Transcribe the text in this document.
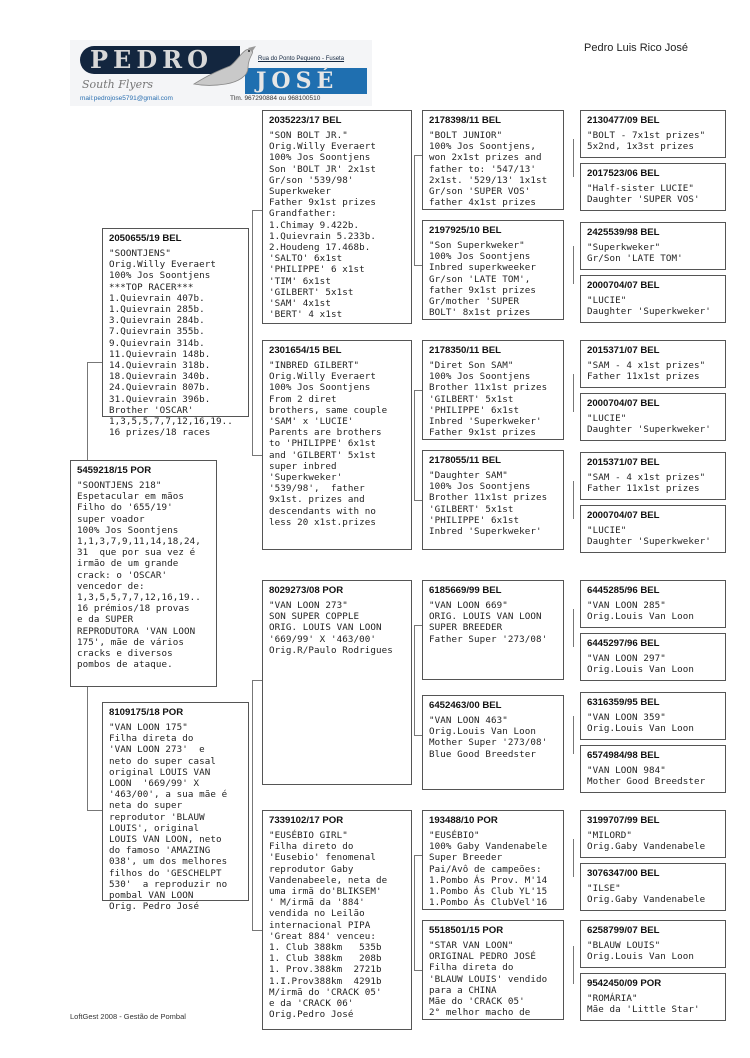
PEDRO
JOSÉ
Rua do Ponto Pequeno - Fuseta
South Flyers
mail:pedrojose5791@gmail.com	Tlm. 967290884 ou 968100510
Pedro Luis Rico José
5459218/15 POR
"SOONTJENS 218"
Espetacular em mãos
Filho do '655/19'
super voador
100% Jos Soontjens
1,1,3,7,9,11,14,18,24,
31  que por sua vez é
irmão de um grande
crack: o 'OSCAR'
vencedor de:
1,3,5,5,7,7,12,16,19..
16 prémios/18 provas
e da SUPER
REPRODUTORA 'VAN LOON
175', mãe de vários
cracks e diversos
pombos de ataque.
2050655/19 BEL
"SOONTJENS"
Orig.Willy Everaert
100% Jos Soontjens
***TOP RACER***
1.Quievrain 407b.
1.Quievrain 285b.
3.Quievrain 284b.
7.Quievrain 355b.
9.Quievrain 314b.
11.Quievrain 148b.
14.Quievrain 318b.
18.Quievrain 340b.
24.Quievrain 807b.
31.Quievrain 396b.
Brother 'OSCAR'
1,3,5,5,7,7,12,16,19..
16 prizes/18 races
8109175/18 POR
"VAN LOON 175"
Filha direta do
'VAN LOON 273'  e
neto do super casal
original LOUIS VAN
LOON  '669/99' X
'463/00', a sua mãe é
neta do super
reprodutor 'BLAUW
LOUIS', original
LOUIS VAN LOON, neto
do famoso 'AMAZING
038', um dos melhores
filhos do 'GESCHELPT
530'  a reproduzir no
pombal VAN LOON
Orig. Pedro José
2035223/17 BEL
"SON BOLT JR."
Orig.Willy Everaert
100% Jos Soontjens
Son 'BOLT JR' 2x1st
Gr/son '539/98'
Superkweker
Father 9x1st prizes
Grandfather:
1.Chimay 9.422b.
1.Quievrain 5.233b.
2.Houdeng 17.468b.
'SALTO' 6x1st
'PHILIPPE' 6 x1st
'TIM' 6x1st
'GILBERT' 5x1st
'SAM' 4x1st
'BERT' 4 x1st
2301654/15 BEL
"INBRED GILBERT"
Orig.Willy Everaert
100% Jos Soontjens
From 2 diret
brothers, same couple
'SAM' x 'LUCIE'
Parents are brothers
to 'PHILIPPE' 6x1st
and 'GILBERT' 5x1st
super inbred
'Superkweker'
'539/98',  father
9x1st. prizes and
descendants with no
less 20 x1st.prizes
8029273/08 POR
"VAN LOON 273"
SON SUPER COPPLE
ORIG. LOUIS VAN LOON
'669/99' X '463/00'
Orig.R/Paulo Rodrigues
7339102/17 POR
"EUSÉBIO GIRL"
Filha direto do
'Eusebio' fenomenal
reprodutor Gaby
Vandenabeele, neta de
uma irmã do'BLIKSEM'
' M/irmã da '884'
vendida no Leilão
internacional PIPA
'Great 884' venceu:
1. Club 388km   535b
1. Club 388km   208b
1. Prov.388km  2721b
1.I.Prov388km  4291b
M/irmã do 'CRACK 05'
e da 'CRACK 06'
Orig.Pedro José
2178398/11 BEL
"BOLT JUNIOR"
100% Jos Soontjens,
won 2x1st prizes and
father to: '547/13'
2x1st. '529/13' 1x1st
Gr/son 'SUPER VOS'
father 4x1st prizes
2197925/10 BEL
"Son Superkweker"
100% Jos Soontjens
Inbred superkweeker
Gr/son 'LATE TOM',
father 9x1st prizes
Gr/mother 'SUPER
BOLT' 8x1st prizes
2178350/11 BEL
"Diret Son SAM"
100% Jos Soontjens
Brother 11x1st prizes
'GILBERT' 5x1st
'PHILIPPE' 6x1st
Inbred 'Superkweker'
Father 9x1st prizes
2178055/11 BEL
"Daughter SAM"
100% Jos Soontjens
Brother 11x1st prizes
'GILBERT' 5x1st
'PHILIPPE' 6x1st
Inbred 'Superkweker'
6185669/99 BEL
"VAN LOON 669"
ORIG. LOUIS VAN LOON
SUPER BREEDER
Father Super '273/08'
6452463/00 BEL
"VAN LOON 463"
Orig.Louis Van Loon
Mother Super '273/08'
Blue Good Breedster
193488/10 POR
"EUSÉBIO"
100% Gaby Vandenabele
Super Breeder
Pai/Avô de campeões:
1.Pombo Ás Prov. M'14
1.Pombo Ás Club YL'15
1.Pombo Ás ClubVel'16
5518501/15 POR
"STAR VAN LOON"
ORIGINAL PEDRO JOSÉ
Filha direta do
'BLAUW LOUIS' vendido
para a CHINA
Mãe do 'CRACK 05'
2° melhor macho de
2130477/09 BEL
"BOLT - 7x1st prizes"
5x2nd, 1x3st prizes
2017523/06 BEL
"Half-sister LUCIE"
Daughter 'SUPER VOS'
2425539/98 BEL
"Superkweker"
Gr/Son 'LATE TOM'
2000704/07 BEL
"LUCIE"
Daughter 'Superkweker'
2015371/07 BEL
"SAM - 4 x1st prizes"
Father 11x1st prizes
2000704/07 BEL
"LUCIE"
Daughter 'Superkweker'
2015371/07 BEL
"SAM - 4 x1st prizes"
Father 11x1st prizes
2000704/07 BEL
"LUCIE"
Daughter 'Superkweker'
6445285/96 BEL
"VAN LOON 285"
Orig.Louis Van Loon
6445297/96 BEL
"VAN LOON 297"
Orig.Louis Van Loon
6316359/95 BEL
"VAN LOON 359"
Orig.Louis Van Loon
6574984/98 BEL
"VAN LOON 984"
Mother Good Breedster
3199707/99 BEL
"MILORD"
Orig.Gaby Vandenabele
3076347/00 BEL
"ILSE"
Orig.Gaby Vandenabele
6258799/07 BEL
"BLAUW LOUIS"
Orig.Louis Van Loon
9542450/09 POR
"ROMÁRIA"
Mãe da 'Little Star'
LoftGest 2008 - Gestão de Pombal
